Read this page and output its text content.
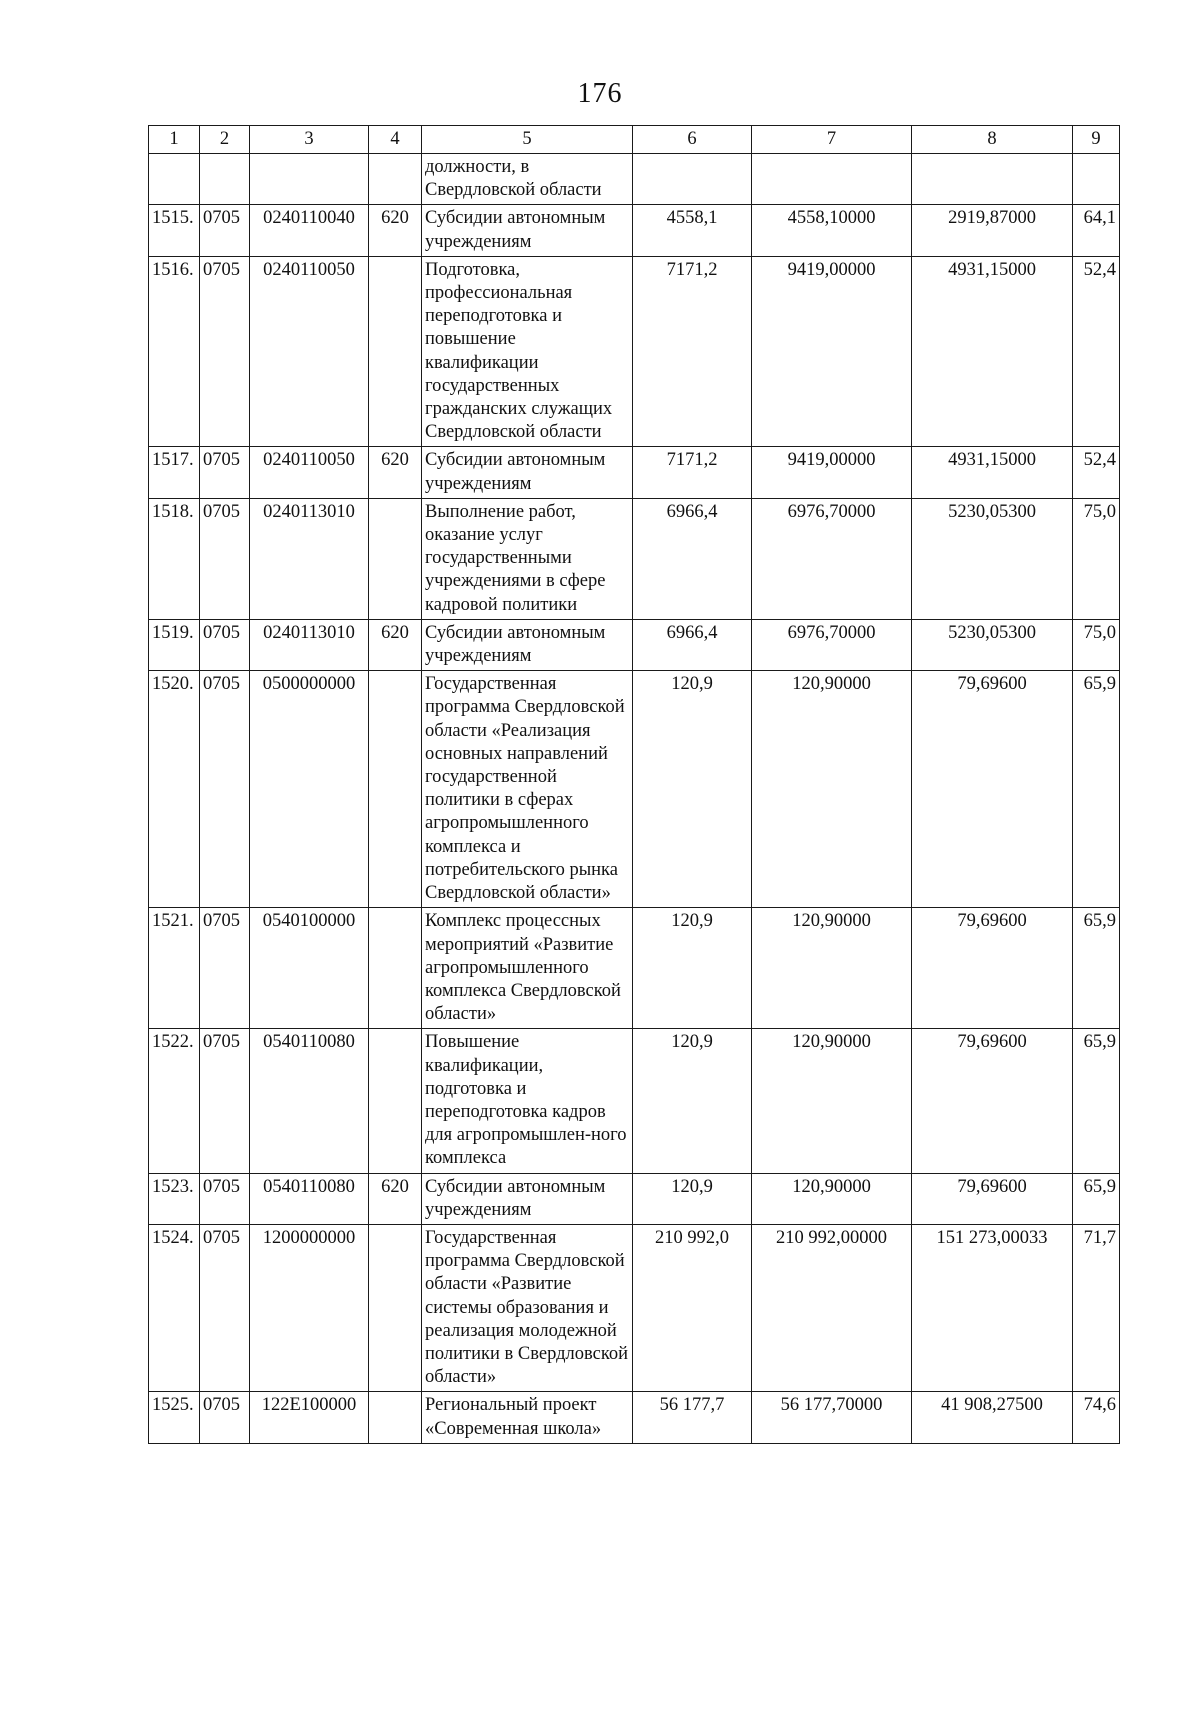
176
1	2	3	4	5	6	7	8	9
				должности, в Свердловской области				
1515.	0705	0240110040	620	Субсидии автономным учреждениям	4558,1	4558,10000	2919,87000	64,1
1516.	0705	0240110050		Подготовка, профессиональная переподготовка и повышение квалификации государственных гражданских служащих Свердловской области	7171,2	9419,00000	4931,15000	52,4
1517.	0705	0240110050	620	Субсидии автономным учреждениям	7171,2	9419,00000	4931,15000	52,4
1518.	0705	0240113010		Выполнение работ, оказание услуг государственными учреждениями в сфере кадровой политики	6966,4	6976,70000	5230,05300	75,0
1519.	0705	0240113010	620	Субсидии автономным учреждениям	6966,4	6976,70000	5230,05300	75,0
1520.	0705	0500000000		Государственная программа Свердловской области «Реализация основных направлений государственной политики в сферах агропромышленного комплекса и потребительского рынка Свердловской области»	120,9	120,90000	79,69600	65,9
1521.	0705	0540100000		Комплекс процессных мероприятий «Развитие агропромышленного комплекса Свердловской области»	120,9	120,90000	79,69600	65,9
1522.	0705	0540110080		Повышение квалификации, подготовка и переподготовка кадров для агропромышлен-ного комплекса	120,9	120,90000	79,69600	65,9
1523.	0705	0540110080	620	Субсидии автономным учреждениям	120,9	120,90000	79,69600	65,9
1524.	0705	1200000000		Государственная программа Свердловской области «Развитие системы образования и реализация молодежной политики в Свердловской области»	210 992,0	210 992,00000	151 273,00033	71,7
1525.	0705	122E100000		Региональный проект «Современная школа»	56 177,7	56 177,70000	41 908,27500	74,6
